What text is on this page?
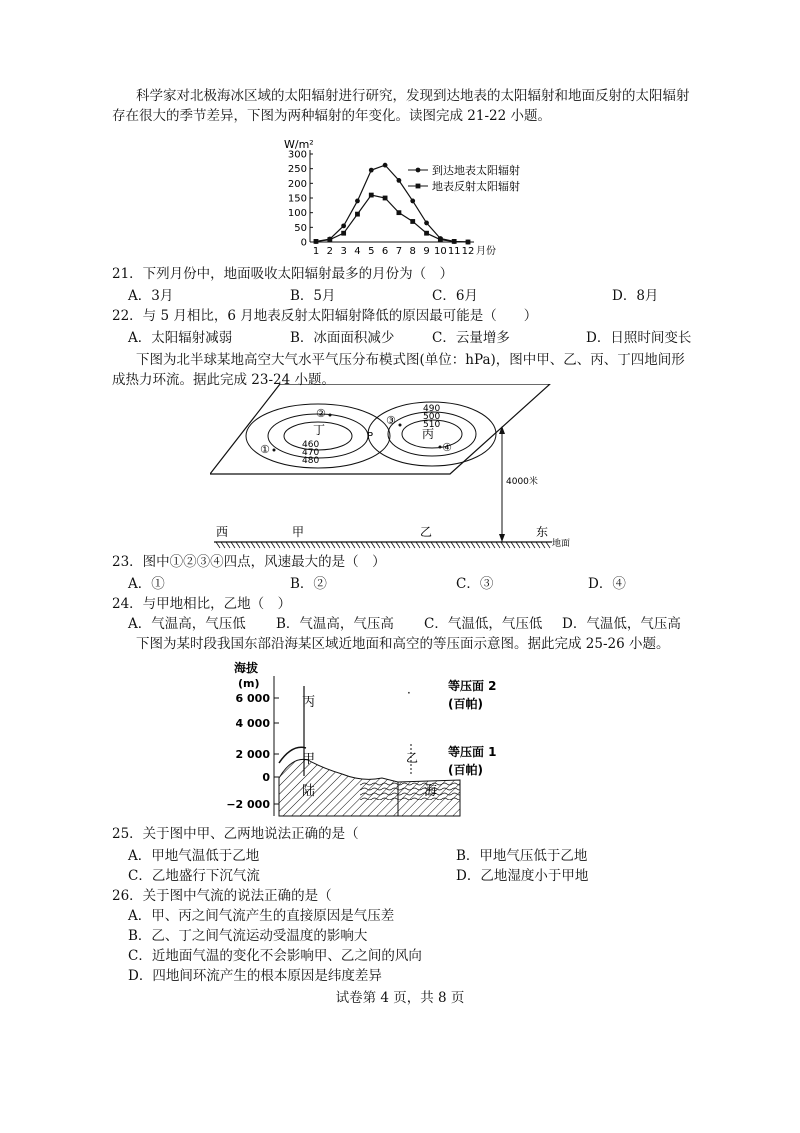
科学家对北极海冰区域的太阳辐射进行研究，发现到达地表的太阳辐射和地面反射的太阳辐射存在很大的季节差异，下图为两种辐射的年变化。读图完成 21-22 小题。
W/m²
0
50
100
150
200
250
300
1 2 3 4 5 6 7 8 9 10 11 12 月份
到达地表太阳辐射
地表反射太阳辐射
21．下列月份中，地面吸收太阳辐射最多的月份为（　）
A．3月	B．5月	C．6月	D．8月
22．与 5 月相比，6 月地表反射太阳辐射降低的原因最可能是（　　）
A．太阳辐射减弱	B．冰面面积减少	C．云量增多	D．日照时间变长
下图为北半球某地高空大气水平气压分布模式图(单位：hPa)，图中甲、乙、丙、丁四地间形成热力环流。据此完成 23-24 小题。
丁
460
470
480
②
①
P	丙
490
500
510
③
④
4000米
地面
西	甲	乙	东
23．图中①②③④四点，风速最大的是（　）
A．①	B．②	C．③	D．④
24．与甲地相比，乙地（　）
A．气温高，气压低 B．气温高，气压高 C．气温低，气压低 D．气温低，气压高
下图为某时段我国东部沿海某区域近地面和高空的等压面示意图。据此完成 25-26 小题。
海拔
(m)
6 000
4 000
2 000
0
−2 000
·
丙
甲	乙
陆	海
等压面 2
(百帕)
等压面 1
(百帕)
25．关于图中甲、乙两地说法正确的是（
A．甲地气温低于乙地	B．甲地气压低于乙地
C．乙地盛行下沉气流	D．乙地湿度小于甲地
26．关于图中气流的说法正确的是（
A．甲、丙之间气流产生的直接原因是气压差
B．乙、丁之间气流运动受温度的影响大
C．近地面气温的变化不会影响甲、乙之间的风向
D．四地间环流产生的根本原因是纬度差异
试卷第 4 页，共 8 页
